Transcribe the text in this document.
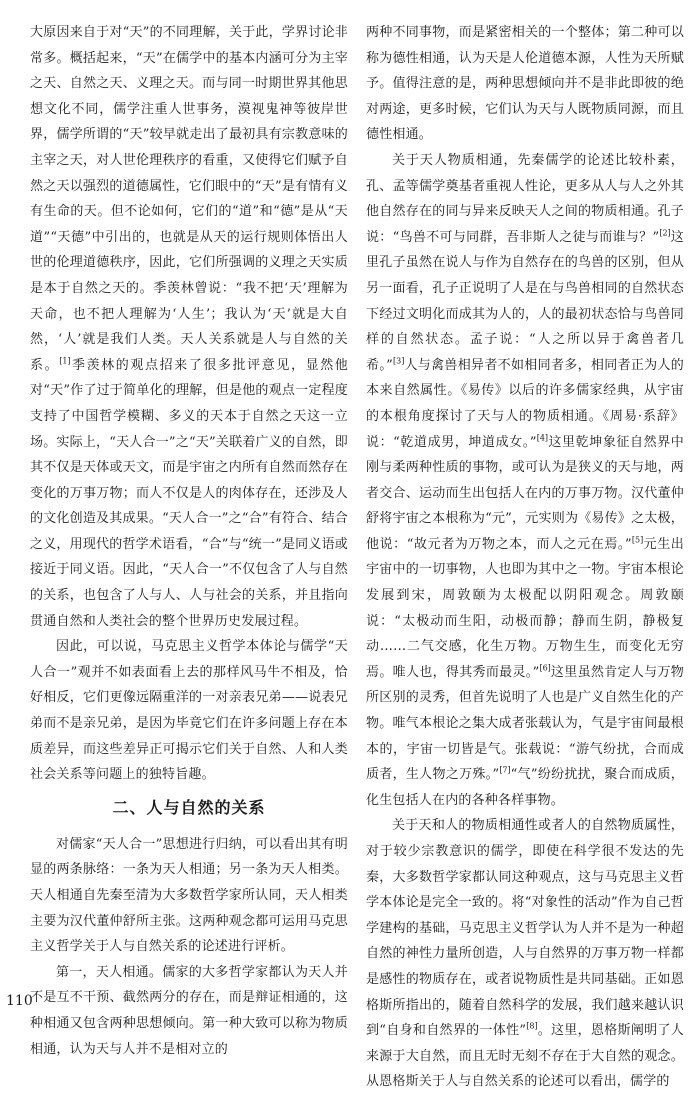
大原因来自于对“天”的不同理解，关于此，学界讨论非常多。概括起来，“天”在儒学中的基本内涵可分为主宰之天、自然之天、义理之天。而与同一时期世界其他思想文化不同，儒学注重人世事务，漠视鬼神等彼岸世界，儒学所谓的“天”较早就走出了最初具有宗教意味的主宰之天，对人世伦理秩序的看重，又使得它们赋予自然之天以强烈的道德属性，它们眼中的“天”是有情有义有生命的天。但不论如何，它们的“道”和“德”是从“天道”“天德”中引出的，也就是从天的运行规则体悟出人世的伦理道德秩序，因此，它们所强调的义理之天实质是本于自然之天的。季羡林曾说：“我不把‘天’理解为天命，也不把人理解为‘人生’；我认为‘天’就是大自然，‘人’就是我们人类。天人关系就是人与自然的关系。[1]季羡林的观点招来了很多批评意见，显然他对“天”作了过于简单化的理解，但是他的观点一定程度支持了中国哲学模糊、多义的天本于自然之天这一立场。实际上，“天人合一”之“天”关联着广义的自然，即其不仅是天体或天文，而是宇宙之内所有自然而然存在变化的万事万物；而人不仅是人的肉体存在，还涉及人的文化创造及其成果。“天人合一”之“合”有符合、结合之义，用现代的哲学术语看，“合”与“统一”是同义语或接近于同义语。因此，“天人合一”不仅包含了人与自然的关系，也包含了人与人、人与社会的关系，并且指向贯通自然和人类社会的整个世界历史发展过程。

因此，可以说，马克思主义哲学本体论与儒学“天人合一”观并不如表面看上去的那样风马牛不相及，恰好相反，它们更像远隔重洋的一对亲表兄弟——说表兄弟而不是亲兄弟，是因为毕竟它们在许多问题上存在本质差异，而这些差异正可揭示它们关于自然、人和人类社会关系等问题上的独特旨趣。

二、人与自然的关系

对儒家“天人合一”思想进行归纳，可以看出其有明显的两条脉络：一条为天人相通；另一条为天人相类。天人相通自先秦至清为大多数哲学家所认同，天人相类主要为汉代董仲舒所主张。这两种观念都可运用马克思主义哲学关于人与自然关系的论述进行评析。

第一，天人相通。儒家的大多哲学家都认为天人并不是互不干预、截然两分的存在，而是辩证相通的，这种相通又包含两种思想倾向。第一种大致可以称为物质相通，认为天与人并不是相对立的

两种不同事物，而是紧密相关的一个整体；第二种可以称为德性相通，认为天是人伦道德本源，人性为天所赋予。值得注意的是，两种思想倾向并不是非此即彼的绝对两途，更多时候，它们认为天与人既物质同源，而且德性相通。

关于天人物质相通，先秦儒学的论述比较朴素，孔、孟等儒学奠基者重视人性论，更多从人与人之外其他自然存在的同与异来反映天人之间的物质相通。孔子说：“鸟兽不可与同群，吾非斯人之徒与而谁与？”[2]这里孔子虽然在说人与作为自然存在的鸟兽的区别，但从另一面看，孔子正说明了人是在与鸟兽相同的自然状态下经过文明化而成其为人的，人的最初状态恰与鸟兽同样的自然状态。孟子说：“人之所以异于禽兽者几希。”[3]人与禽兽相异者不如相同者多，相同者正为人的本来自然属性。《易传》以后的许多儒家经典，从宇宙的本根角度探讨了天与人的物质相通。《周易·系辞》说：“乾道成男，坤道成女。”[4]这里乾坤象征自然界中刚与柔两种性质的事物，或可认为是狭义的天与地，两者交合、运动而生出包括人在内的万事万物。汉代董仲舒将宇宙之本根称为“元”，元实则为《易传》之太极，他说：“故元者为万物之本，而人之元在焉。”[5]元生出宇宙中的一切事物，人也即为其中之一物。宇宙本根论发展到宋，周敦颐为太极配以阴阳观念。周敦颐说：“太极动而生阳，动极而静；静而生阴，静极复动……二气交感，化生万物。万物生生，而变化无穷焉。唯人也，得其秀而最灵。”[6]这里虽然肯定人与万物所区别的灵秀，但首先说明了人也是广义自然生化的产物。唯气本根论之集大成者张载认为，气是宇宙间最根本的，宇宙一切皆是气。张载说：“游气纷扰，合而成质者，生人物之万殊。”[7]“气”纷纷扰扰，聚合而成质，化生包括人在内的各种各样事物。

关于天和人的物质相通性或者人的自然物质属性，对于较少宗教意识的儒学，即使在科学很不发达的先秦，大多数哲学家都认同这种观点，这与马克思主义哲学本体论是完全一致的。将“对象性的活动”作为自己哲学建构的基础，马克思主义哲学认为人并不是为一种超自然的神性力量所创造，人与自然界的万事万物一样都是感性的物质存在，或者说物质性是共同基础。正如恩格斯所指出的，随着自然科学的发展，我们越来越认识到“自身和自然界的一体性”[8]。这里，恩格斯阐明了人来源于大自然，而且无时无刻不存在于大自然的观念。从恩格斯关于人与自然关系的论述可以看出，儒学的

110
